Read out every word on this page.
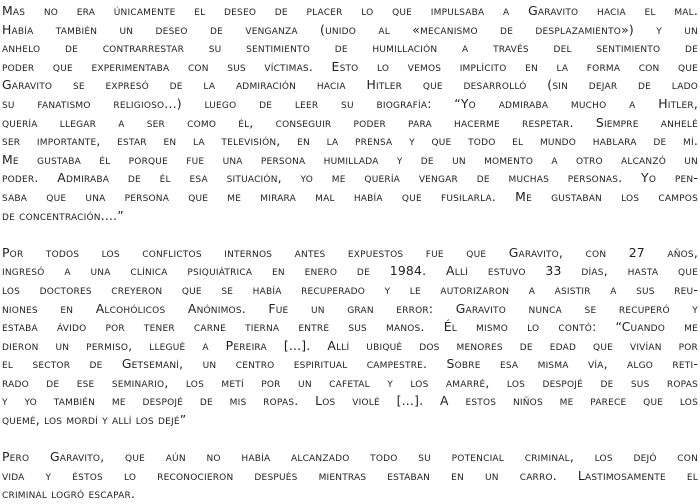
Mas no era únicamente el deseo de placer lo que impulsaba a Garavito hacia el mal.
Había también un deseo de venganza (unido al «mecanismo de desplazamiento») y un
anhelo de contrarrestar su sentimiento de humillación a través del sentimiento de
poder que experimentaba con sus víctimas. Esto lo vemos implícito en la forma con que
Garavito se expresó de la admiración hacia Hitler que desarrolló (sin dejar de lado
su fanatismo religioso...) luego de leer su biografía: “Yo admiraba mucho a Hitler,
quería llegar a ser como él, conseguir poder para hacerme respetar. Siempre anhelé
ser importante, estar en la televisión, en la prensa y que todo el mundo hablara de mí.
Me gustaba él porque fue una persona humillada y de un momento a otro alcanzó un
poder. Admiraba de él esa situación, yo me quería vengar de muchas personas. Yo pen-
saba que una persona que me mirara mal había que fusilarla. Me gustaban los campos
de concentración....”
Por todos los conflictos internos antes expuestos fue que Garavito, con 27 años,
ingresó a una clínica psiquiátrica en enero de 1984. Allí estuvo 33 días, hasta que
los doctores creyeron que se había recuperado y le autorizaron a asistir a sus reu-
niones en Alcohólicos Anónimos. Fue un gran error: Garavito nunca se recuperó y
estaba ávido por tener carne tierna entre sus manos. Él mismo lo contó: “Cuando me
dieron un permiso, llegué a Pereira [...]. Allí ubiqué dos menores de edad que vivían por
el sector de Getsemaní, un centro espiritual campestre. Sobre esa misma vía, algo reti-
rado de ese seminario, los metí por un cafetal y los amarré, los despojé de sus ropas
y yo también me despojé de mis ropas. Los violé [...]. A estos niños me parece que los
quemé, los mordí y allí los dejé”
Pero Garavito, que aún no había alcanzado todo su potencial criminal, los dejó con
vida y éstos lo reconocieron después mientras estaban en un carro. Lastimosamente el
criminal logró escapar.
